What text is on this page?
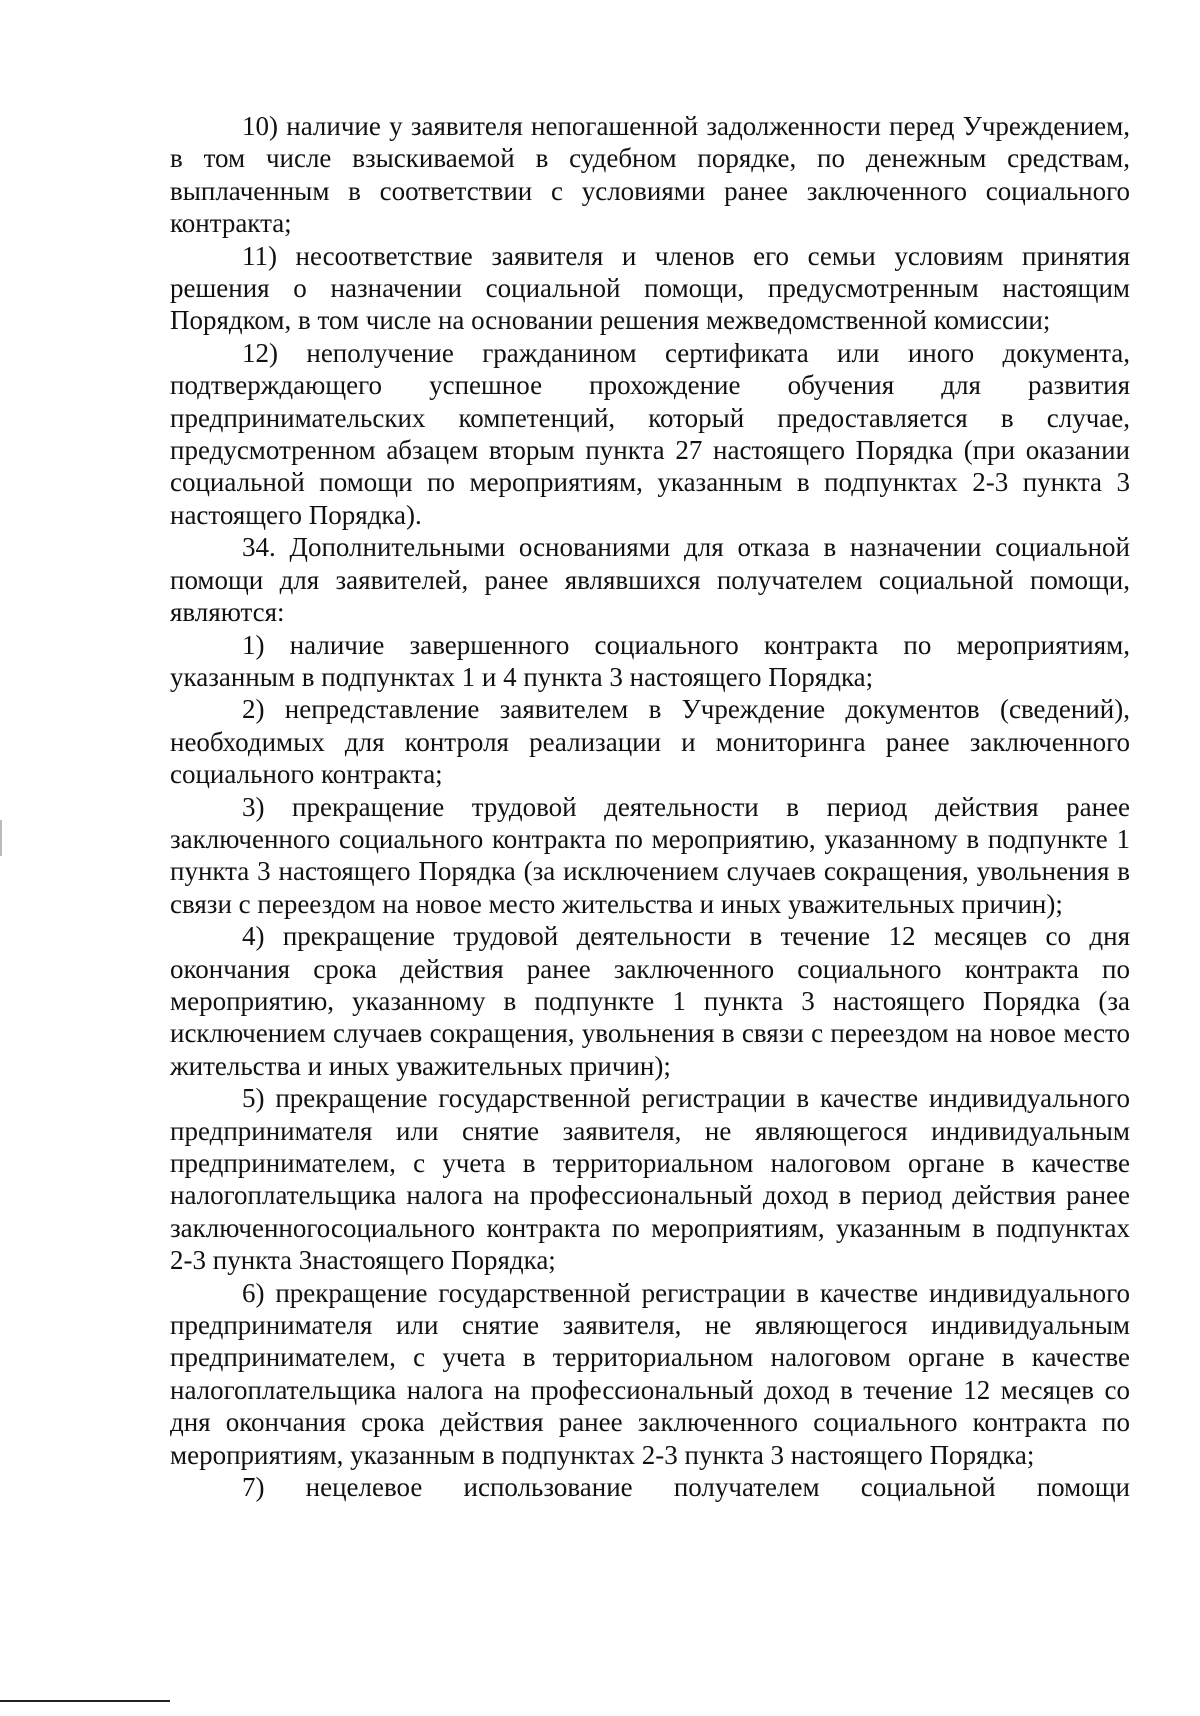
10) наличие у заявителя непогашенной задолженности перед Учреждением, в том числе взыскиваемой в судебном порядке, по денежным средствам, выплаченным в соответствии с условиями ранее заключенного социального контракта;

11) несоответствие заявителя и членов его семьи условиям принятия решения о назначении социальной помощи, предусмотренным настоящим Порядком, в том числе на основании решения межведомственной комиссии;

12) неполучение гражданином сертификата или иного документа, подтверждающего успешное прохождение обучения для развития предпринимательских компетенций, который предоставляется в случае, предусмотренном абзацем вторым пункта 27 настоящего Порядка (при оказании социальной помощи по мероприятиям, указанным в подпунктах 2-3 пункта 3 настоящего Порядка).

34. Дополнительными основаниями для отказа в назначении социальной помощи для заявителей, ранее являвшихся получателем социальной помощи, являются:

1) наличие завершенного социального контракта по мероприятиям, указанным в подпунктах 1 и 4 пункта 3 настоящего Порядка;

2) непредставление заявителем в Учреждение документов (сведений), необходимых для контроля реализации и мониторинга ранее заключенного социального контракта;

3) прекращение трудовой деятельности в период действия ранее заключенного социального контракта по мероприятию, указанному в подпункте 1 пункта 3 настоящего Порядка (за исключением случаев сокращения, увольнения в связи с переездом на новое место жительства и иных уважительных причин);

4) прекращение трудовой деятельности в течение 12 месяцев со дня окончания срока действия ранее заключенного социального контракта по мероприятию, указанному в подпункте 1 пункта 3 настоящего Порядка (за исключением случаев сокращения, увольнения в связи с переездом на новое место жительства и иных уважительных причин);

5) прекращение государственной регистрации в качестве индивидуального предпринимателя или снятие заявителя, не являющегося индивидуальным предпринимателем, с учета в территориальном налоговом органе в качестве налогоплательщика налога на профессиональный доход в период действия ранее заключенногосоциального контракта по мероприятиям, указанным в подпунктах 2-3 пункта 3настоящего Порядка;

6) прекращение государственной регистрации в качестве индивидуального предпринимателя или снятие заявителя, не являющегося индивидуальным предпринимателем, с учета в территориальном налоговом органе в качестве налогоплательщика налога на профессиональный доход в течение 12 месяцев со дня окончания срока действия ранее заключенного социального контракта по мероприятиям, указанным в подпунктах 2-3 пункта 3 настоящего Порядка;

7) нецелевое использование получателем социальной помощи
